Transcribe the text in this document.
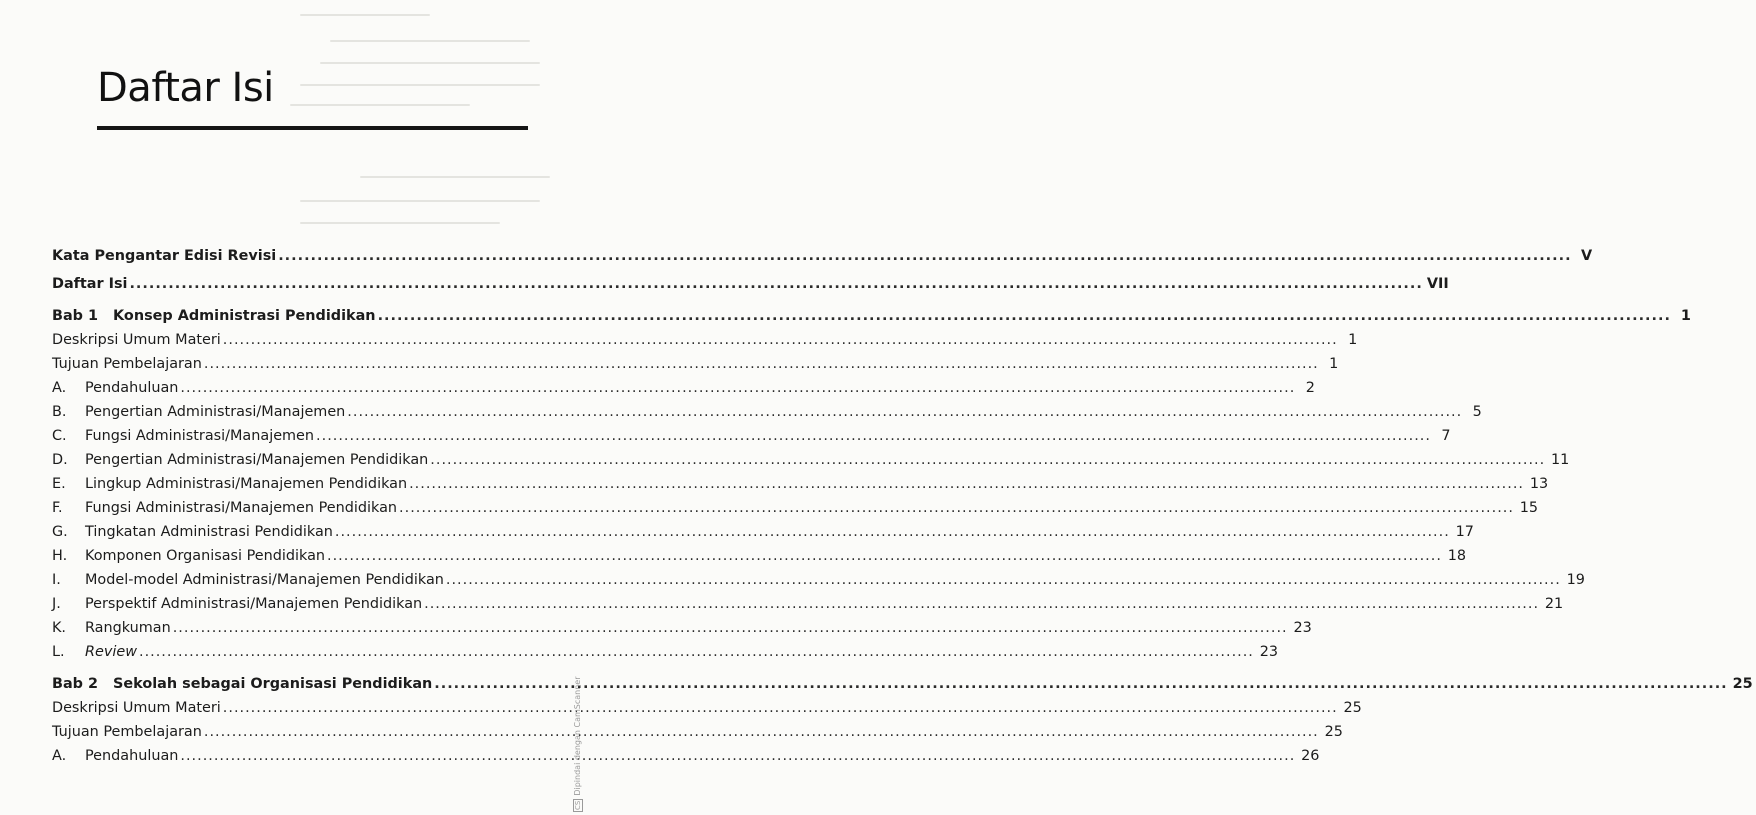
Daftar Isi
Kata Pengantar Edisi Revisi ........................................................................................................................................................................................................ V
Daftar Isi ........................................................................................................................................................................................................ VII
Bab 1   Konsep Administrasi Pendidikan ........................................................................................................................................................................................................ 1
Deskripsi Umum Materi ........................................................................................................................................................................................................ 1
Tujuan Pembelajaran ........................................................................................................................................................................................................ 1
A.	Pendahuluan ........................................................................................................................................................................................................ 2
B.	Pengertian Administrasi/Manajemen ........................................................................................................................................................................................................ 5
C.	Fungsi Administrasi/Manajemen ........................................................................................................................................................................................................ 7
D.	Pengertian Administrasi/Manajemen Pendidikan ........................................................................................................................................................................................................ 11
E.	Lingkup Administrasi/Manajemen Pendidikan ........................................................................................................................................................................................................ 13
F.	Fungsi Administrasi/Manajemen Pendidikan ........................................................................................................................................................................................................ 15
G.	Tingkatan Administrasi Pendidikan ........................................................................................................................................................................................................ 17
H.	Komponen Organisasi Pendidikan ........................................................................................................................................................................................................ 18
I.	Model-model Administrasi/Manajemen Pendidikan ........................................................................................................................................................................................................ 19
J.	Perspektif Administrasi/Manajemen Pendidikan ........................................................................................................................................................................................................ 21
K.	Rangkuman ........................................................................................................................................................................................................ 23
L.	Review ........................................................................................................................................................................................................ 23
Bab 2   Sekolah sebagai Organisasi Pendidikan ........................................................................................................................................................................................................ 25
Deskripsi Umum Materi ........................................................................................................................................................................................................ 25
Tujuan Pembelajaran ........................................................................................................................................................................................................ 25
A.	Pendahuluan ........................................................................................................................................................................................................ 26
CSDipindai dengan CamScanner
